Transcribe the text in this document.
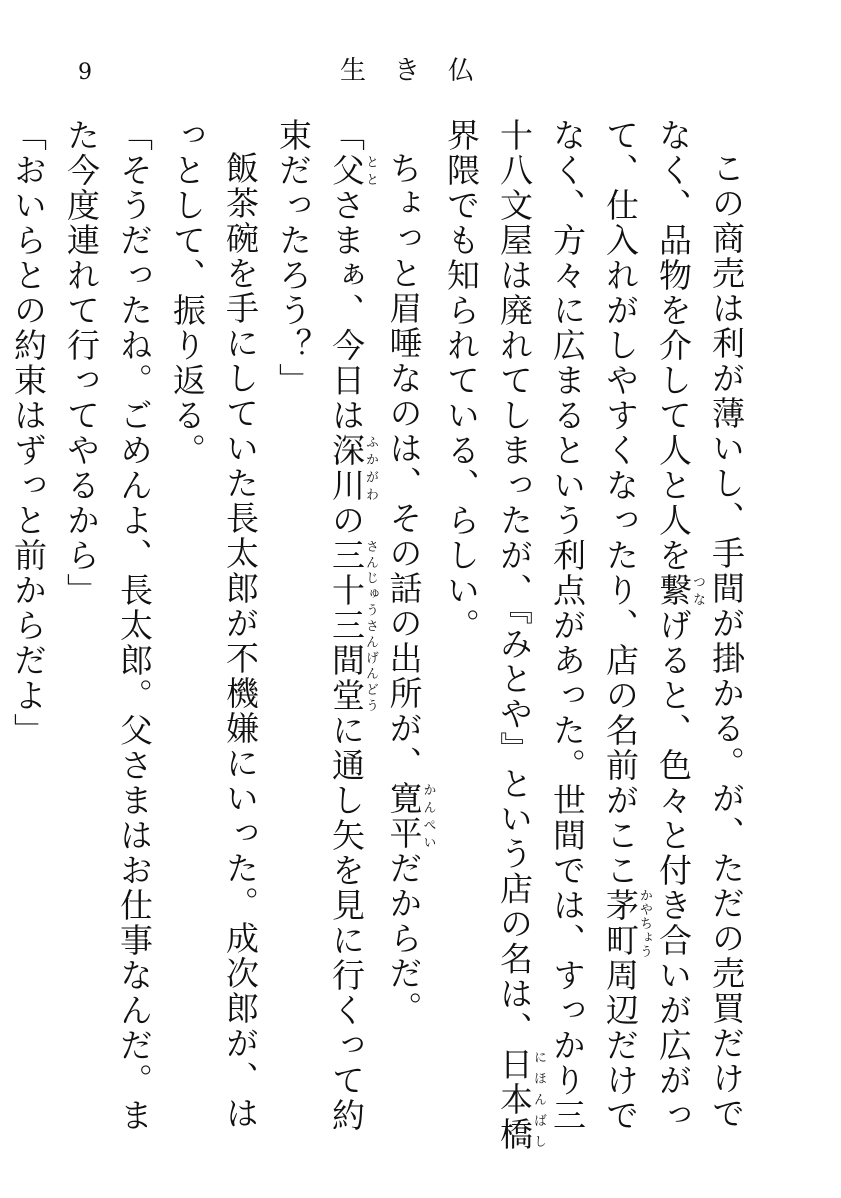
9	生き仏

この商売は利が薄いし、手間が掛かる。が、ただの売買だけでなく、品物を介して人と人を繋つなげると、色々と付き合いが広がって、仕入れがしやすくなったり、店の名前がここ茅町かやちょう周辺だけでなく、方々に広まるという利点があった。世間では、すっかり三十八文屋は廃れてしまったが、『みとや』という店の名は、日本橋にほんばし界隈でも知られている、らしい。

ちょっと眉唾なのは、その話の出所が、寛平かんぺいだからだ。

「父ととさまぁ、今日は深川ふかがわの三十三間堂さんじゅうさんげんどうに通し矢を見に行くって約束だったろう？」

飯茶碗を手にしていた長太郎が不機嫌にいった。成次郎が、はっとして、振り返る。

「そうだったね。ごめんよ、長太郎。父さまはお仕事なんだ。また今度連れて行ってやるから」

「おいらとの約束はずっと前からだよ」
